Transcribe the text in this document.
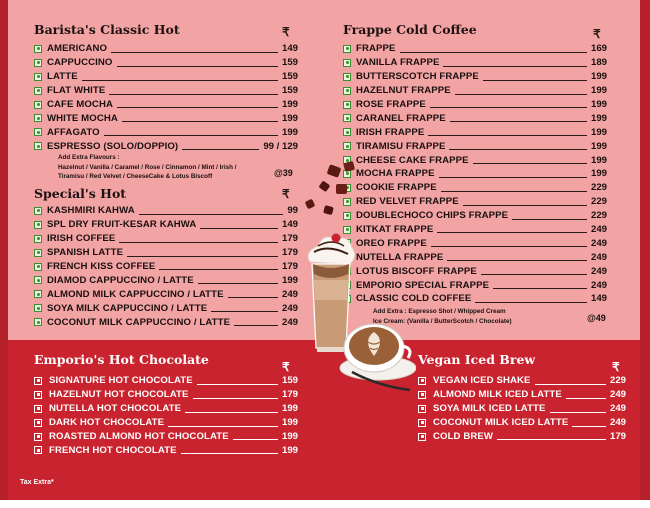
Barista's Classic Hot	₹
AMERICANO	149
CAPPUCCINO	159
LATTE	159
FLAT WHITE	159
CAFE MOCHA	199
WHITE MOCHA	199
AFFAGATO	199
ESPRESSO (SOLO/DOPPIO)	99 / 129
Add Extra Flavours :
Hazelnut / Vanilla / Caramel / Rose / Cinnamon / Mint / Irish /
Tiramisu / Red Velvet / CheeseCake & Lotus Biscoff	@39
Special's Hot	₹
KASHMIRI KAHWA	99
SPL DRY FRUIT-KESAR KAHWA	149
IRISH COFFEE	179
SPANISH LATTE	179
FRENCH KISS COFFEE	179
DIAMOD CAPPUCCINO / LATTE	199
ALMOND MILK CAPPUCCINO / LATTE	249
SOYA MILK CAPPUCCINO / LATTE	249
COCONUT MILK CAPPUCCINO / LATTE	249
Frappe Cold Coffee	₹
FRAPPE	169
VANILLA FRAPPE	189
BUTTERSCOTCH FRAPPE	199
HAZELNUT FRAPPE	199
ROSE FRAPPE	199
CARANEL FRAPPE	199
IRISH FRAPPE	199
TIRAMISU FRAPPE	199
CHEESE CAKE FRAPPE	199
MOCHA FRAPPE	199
COOKIE FRAPPE	229
RED VELVET FRAPPE	229
DOUBLECHOCO CHIPS FRAPPE	229
KITKAT FRAPPE	249
OREO FRAPPE	249
NUTELLA FRAPPE	249
LOTUS BISCOFF FRAPPE	249
EMPORIO SPECIAL FRAPPE	249
CLASSIC COLD COFFEE	149
Add Extra : Espresso Shot / Whipped Cream
Ice Cream: (Vanilla / ButterScotch / Chocolate)	@49
Emporio's Hot Chocolate	₹
SIGNATURE HOT CHOCOLATE	159
HAZELNUT HOT CHOCOLATE	179
NUTELLA HOT CHOCOLATE	199
DARK HOT CHOCOLATE	199
ROASTED ALMOND HOT CHOCOLATE	199
FRENCH HOT CHOCOLATE	199
Vegan Iced Brew	₹
VEGAN ICED SHAKE	229
ALMOND MILK ICED LATTE	249
SOYA MILK ICED LATTE	249
COCONUT MILK ICED LATTE	249
COLD BREW	179
Tax Extra*
